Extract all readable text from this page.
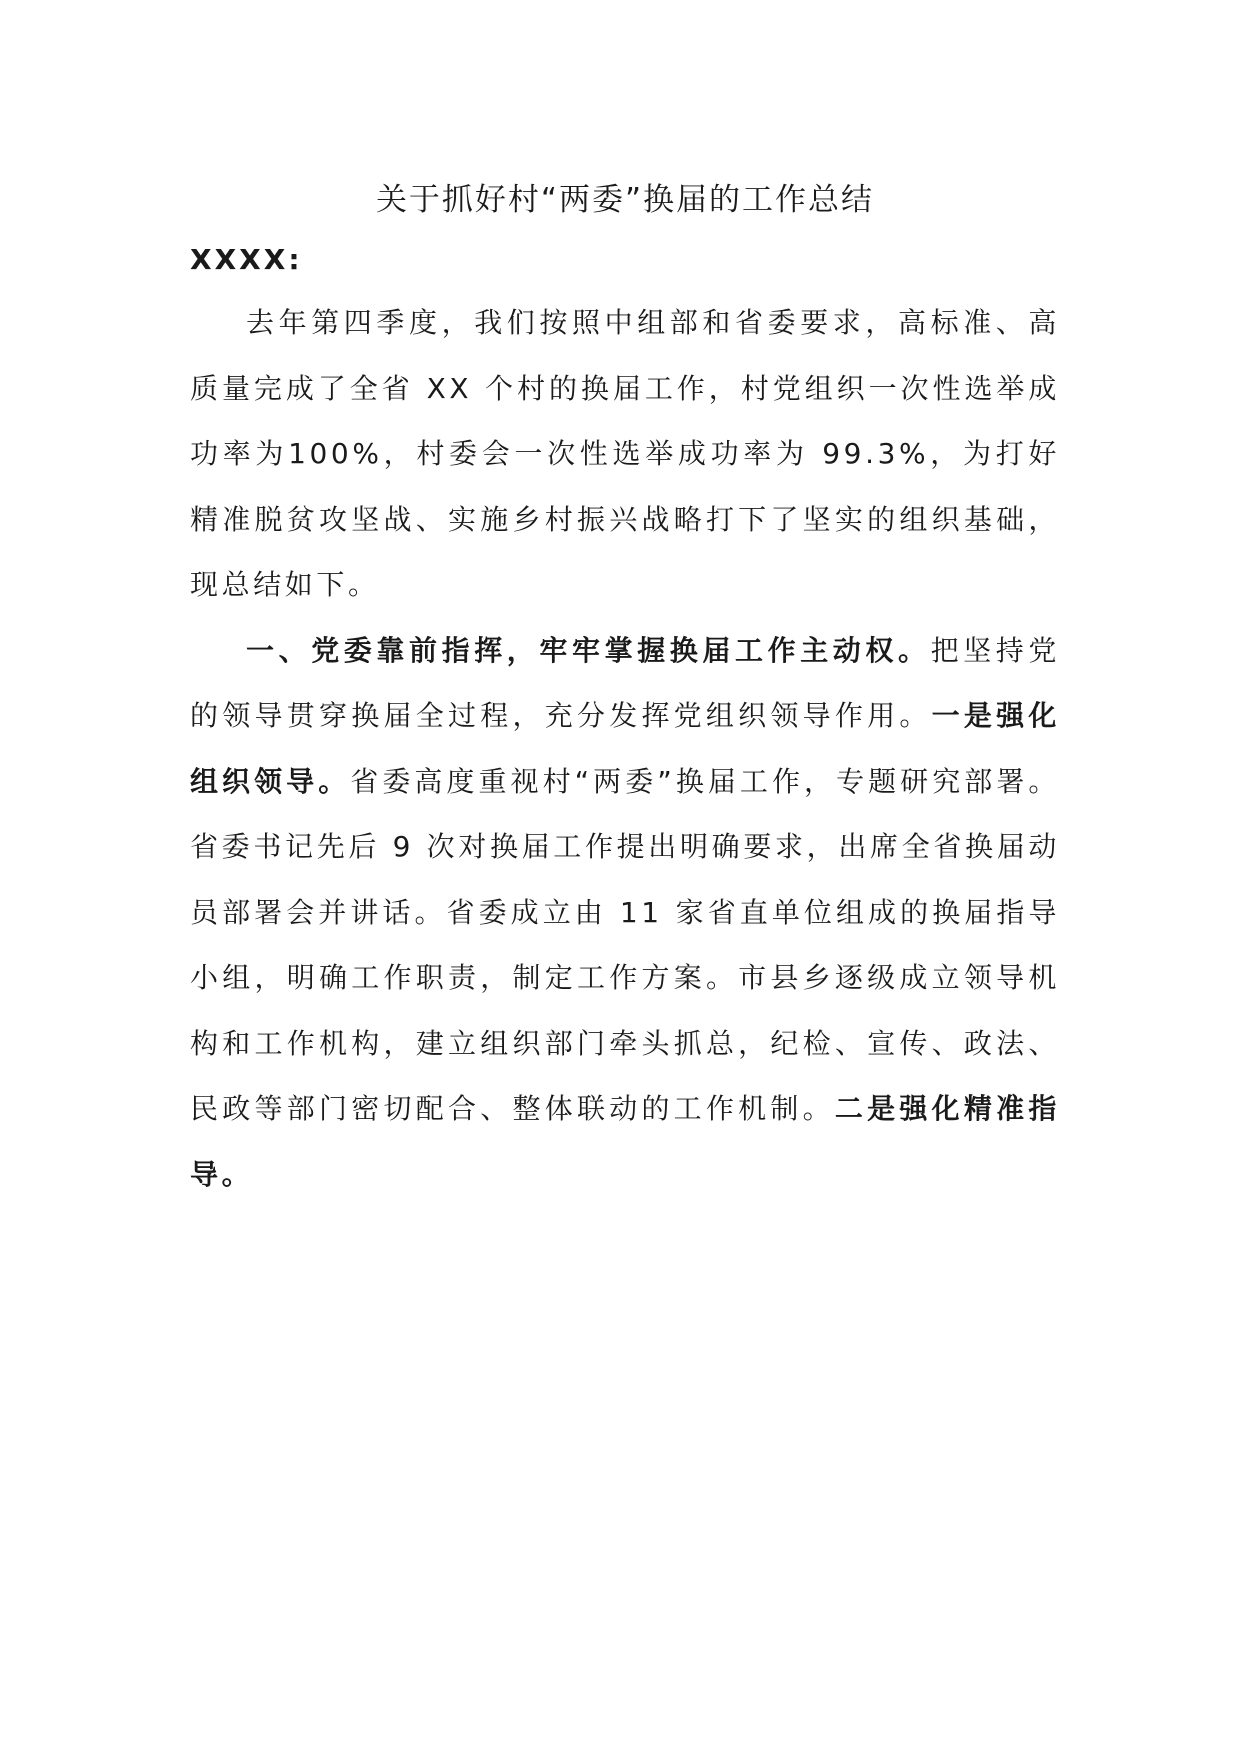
关于抓好村“两委”换届的工作总结

XXXX:

去年第四季度，我们按照中组部和省委要求，高标准、高质量完成了全省 XX 个村的换届工作，村党组织一次性选举成功率为100%，村委会一次性选举成功率为 99.3%，为打好精准脱贫攻坚战、实施乡村振兴战略打下了坚实的组织基础，现总结如下。

一、党委靠前指挥，牢牢掌握换届工作主动权。把坚持党的领导贯穿换届全过程，充分发挥党组织领导作用。一是强化组织领导。省委高度重视村“两委”换届工作，专题研究部署。省委书记先后 9 次对换届工作提出明确要求，出席全省换届动员部署会并讲话。省委成立由 11 家省直单位组成的换届指导小组，明确工作职责，制定工作方案。市县乡逐级成立领导机构和工作机构，建立组织部门牵头抓总，纪检、宣传、政法、民政等部门密切配合、整体联动的工作机制。二是强化精准指导。
